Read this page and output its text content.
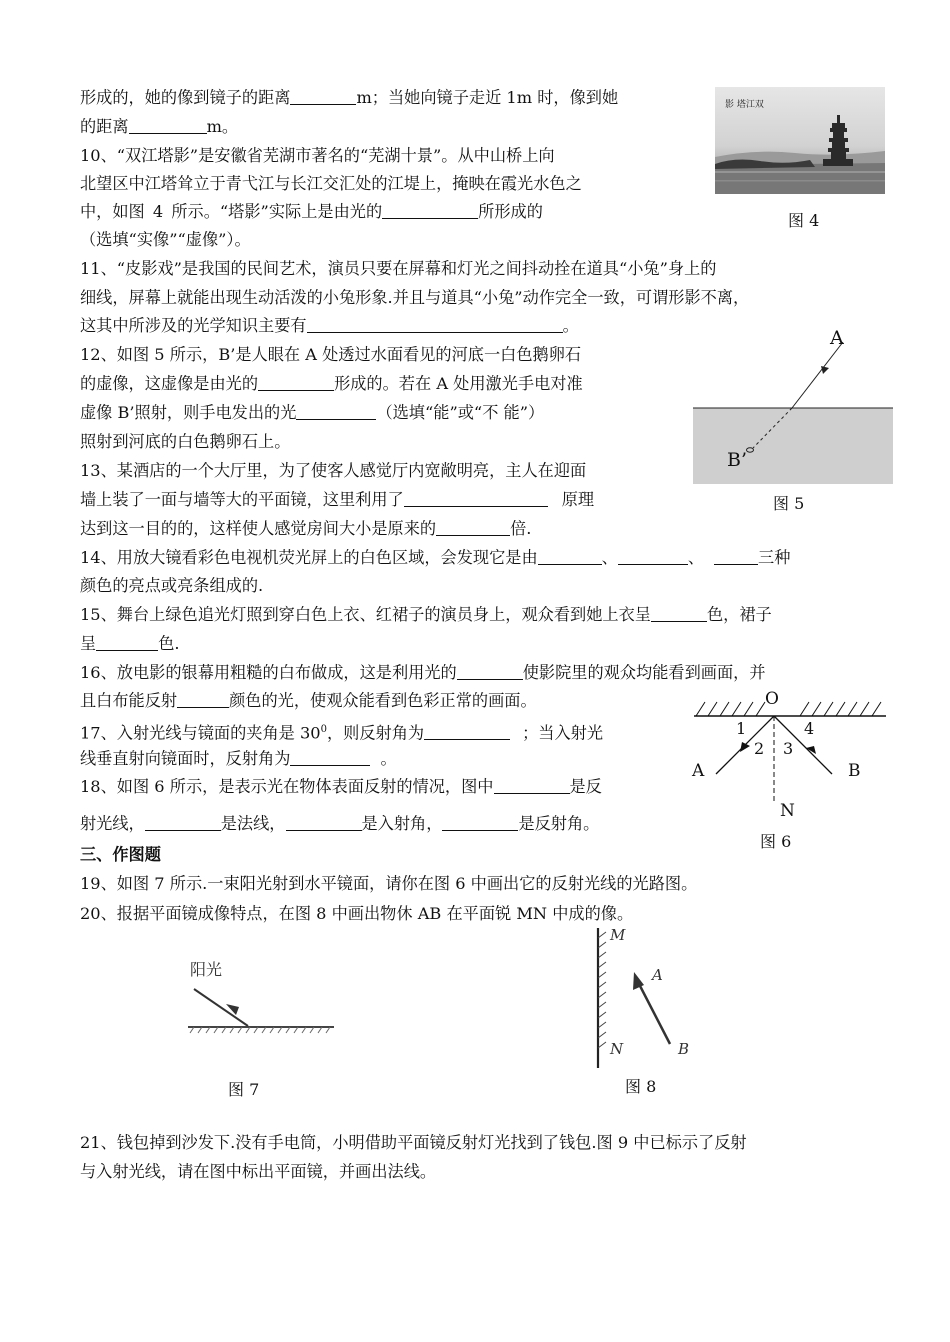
形成的，她的像到镜子的距离	m；当她向镜子走近 1m 时，像到她
的距离	m。
10、“双江塔影”是安徽省芜湖市著名的“芜湖十景”。从中山桥上向
北望区中江塔耸立于青弋江与长江交汇处的江堤上，掩映在霞光水色之
中，如图 4 所示。“塔影”实际上是由光的	所形成的
（选填“实像”“虚像”）。
影 塔江双
图 4
11、“皮影戏”是我国的民间艺术，演员只要在屏幕和灯光之间抖动拴在道具“小兔”身上的
细线，屏幕上就能出现生动活泼的小兔形象.并且与道具“小兔”动作完全一致，可谓形影不离，
这其中所涉及的光学知识主要有	。
12、如图 5 所示，B’是人眼在 A 处透过水面看见的河底一白色鹅卵石
的虚像，这虚像是由光的	形成的。若在 A 处用激光手电对准
虚像 B’照射，则手电发出的光	（选填“能”或“不 能”）
照射到河底的白色鹅卵石上。
A
B’
图 5
13、某酒店的一个大厅里，为了使客人感觉厅内宽敞明亮，主人在迎面
墙上装了一面与墙等大的平面镜，这里利用了	原理
达到这一目的的，这样使人感觉房间大小是原来的	倍.
14、用放大镜看彩色电视机荧光屏上的白色区域，会发现它是由	、	、	三种
颜色的亮点或亮条组成的.
15、舞台上绿色追光灯照到穿白色上衣、红裙子的演员身上，观众看到她上衣呈	色，裙子
呈	色.
16、放电影的银幕用粗糙的白布做成，这是利用光的	使影院里的观众均能看到画面，并
且白布能反射	颜色的光，使观众能看到色彩正常的画面。
17、入射光线与镜面的夹角是 $30^0$，则反射角为	；当入射光
线垂直射向镜面时，反射角为	。
O
1
2 3
4
A	B
N
图 6
18、如图 6 所示，是表示光在物体表面反射的情况，图中	是反
射光线，	是法线，	是入射角，	是反射角。
三、作图题
19、如图 7 所示.一束阳光射到水平镜面，请你在图 6 中画出它的反射光线的光路图。
20、报据平面镜成像特点，在图 8 中画出物休 AB 在平面锐 MN 中成的像。
阳光
图 7
M
N
A
B
图 8
21、钱包掉到沙发下.没有手电筒，小明借助平面镜反射灯光找到了钱包.图 9 中已标示了反射
与入射光线，请在图中标出平面镜，并画出法线。
